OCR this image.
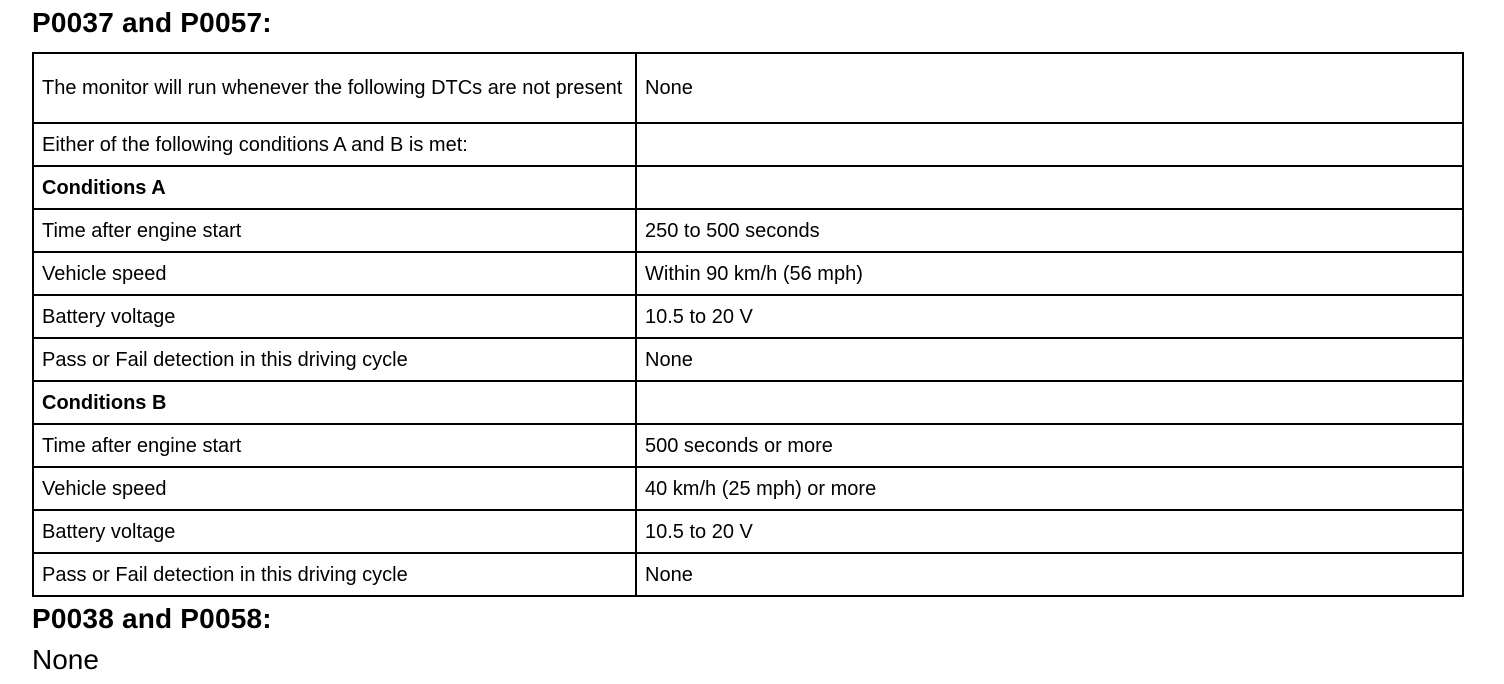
P0037 and P0057:
The monitor will run whenever the following DTCs are not present	None
Either of the following conditions A and B is met:	
Conditions A	
Time after engine start	250 to 500 seconds
Vehicle speed	Within 90 km/h (56 mph)
Battery voltage	10.5 to 20 V
Pass or Fail detection in this driving cycle	None
Conditions B	
Time after engine start	500 seconds or more
Vehicle speed	40 km/h (25 mph) or more
Battery voltage	10.5 to 20 V
Pass or Fail detection in this driving cycle	None
P0038 and P0058:

None
